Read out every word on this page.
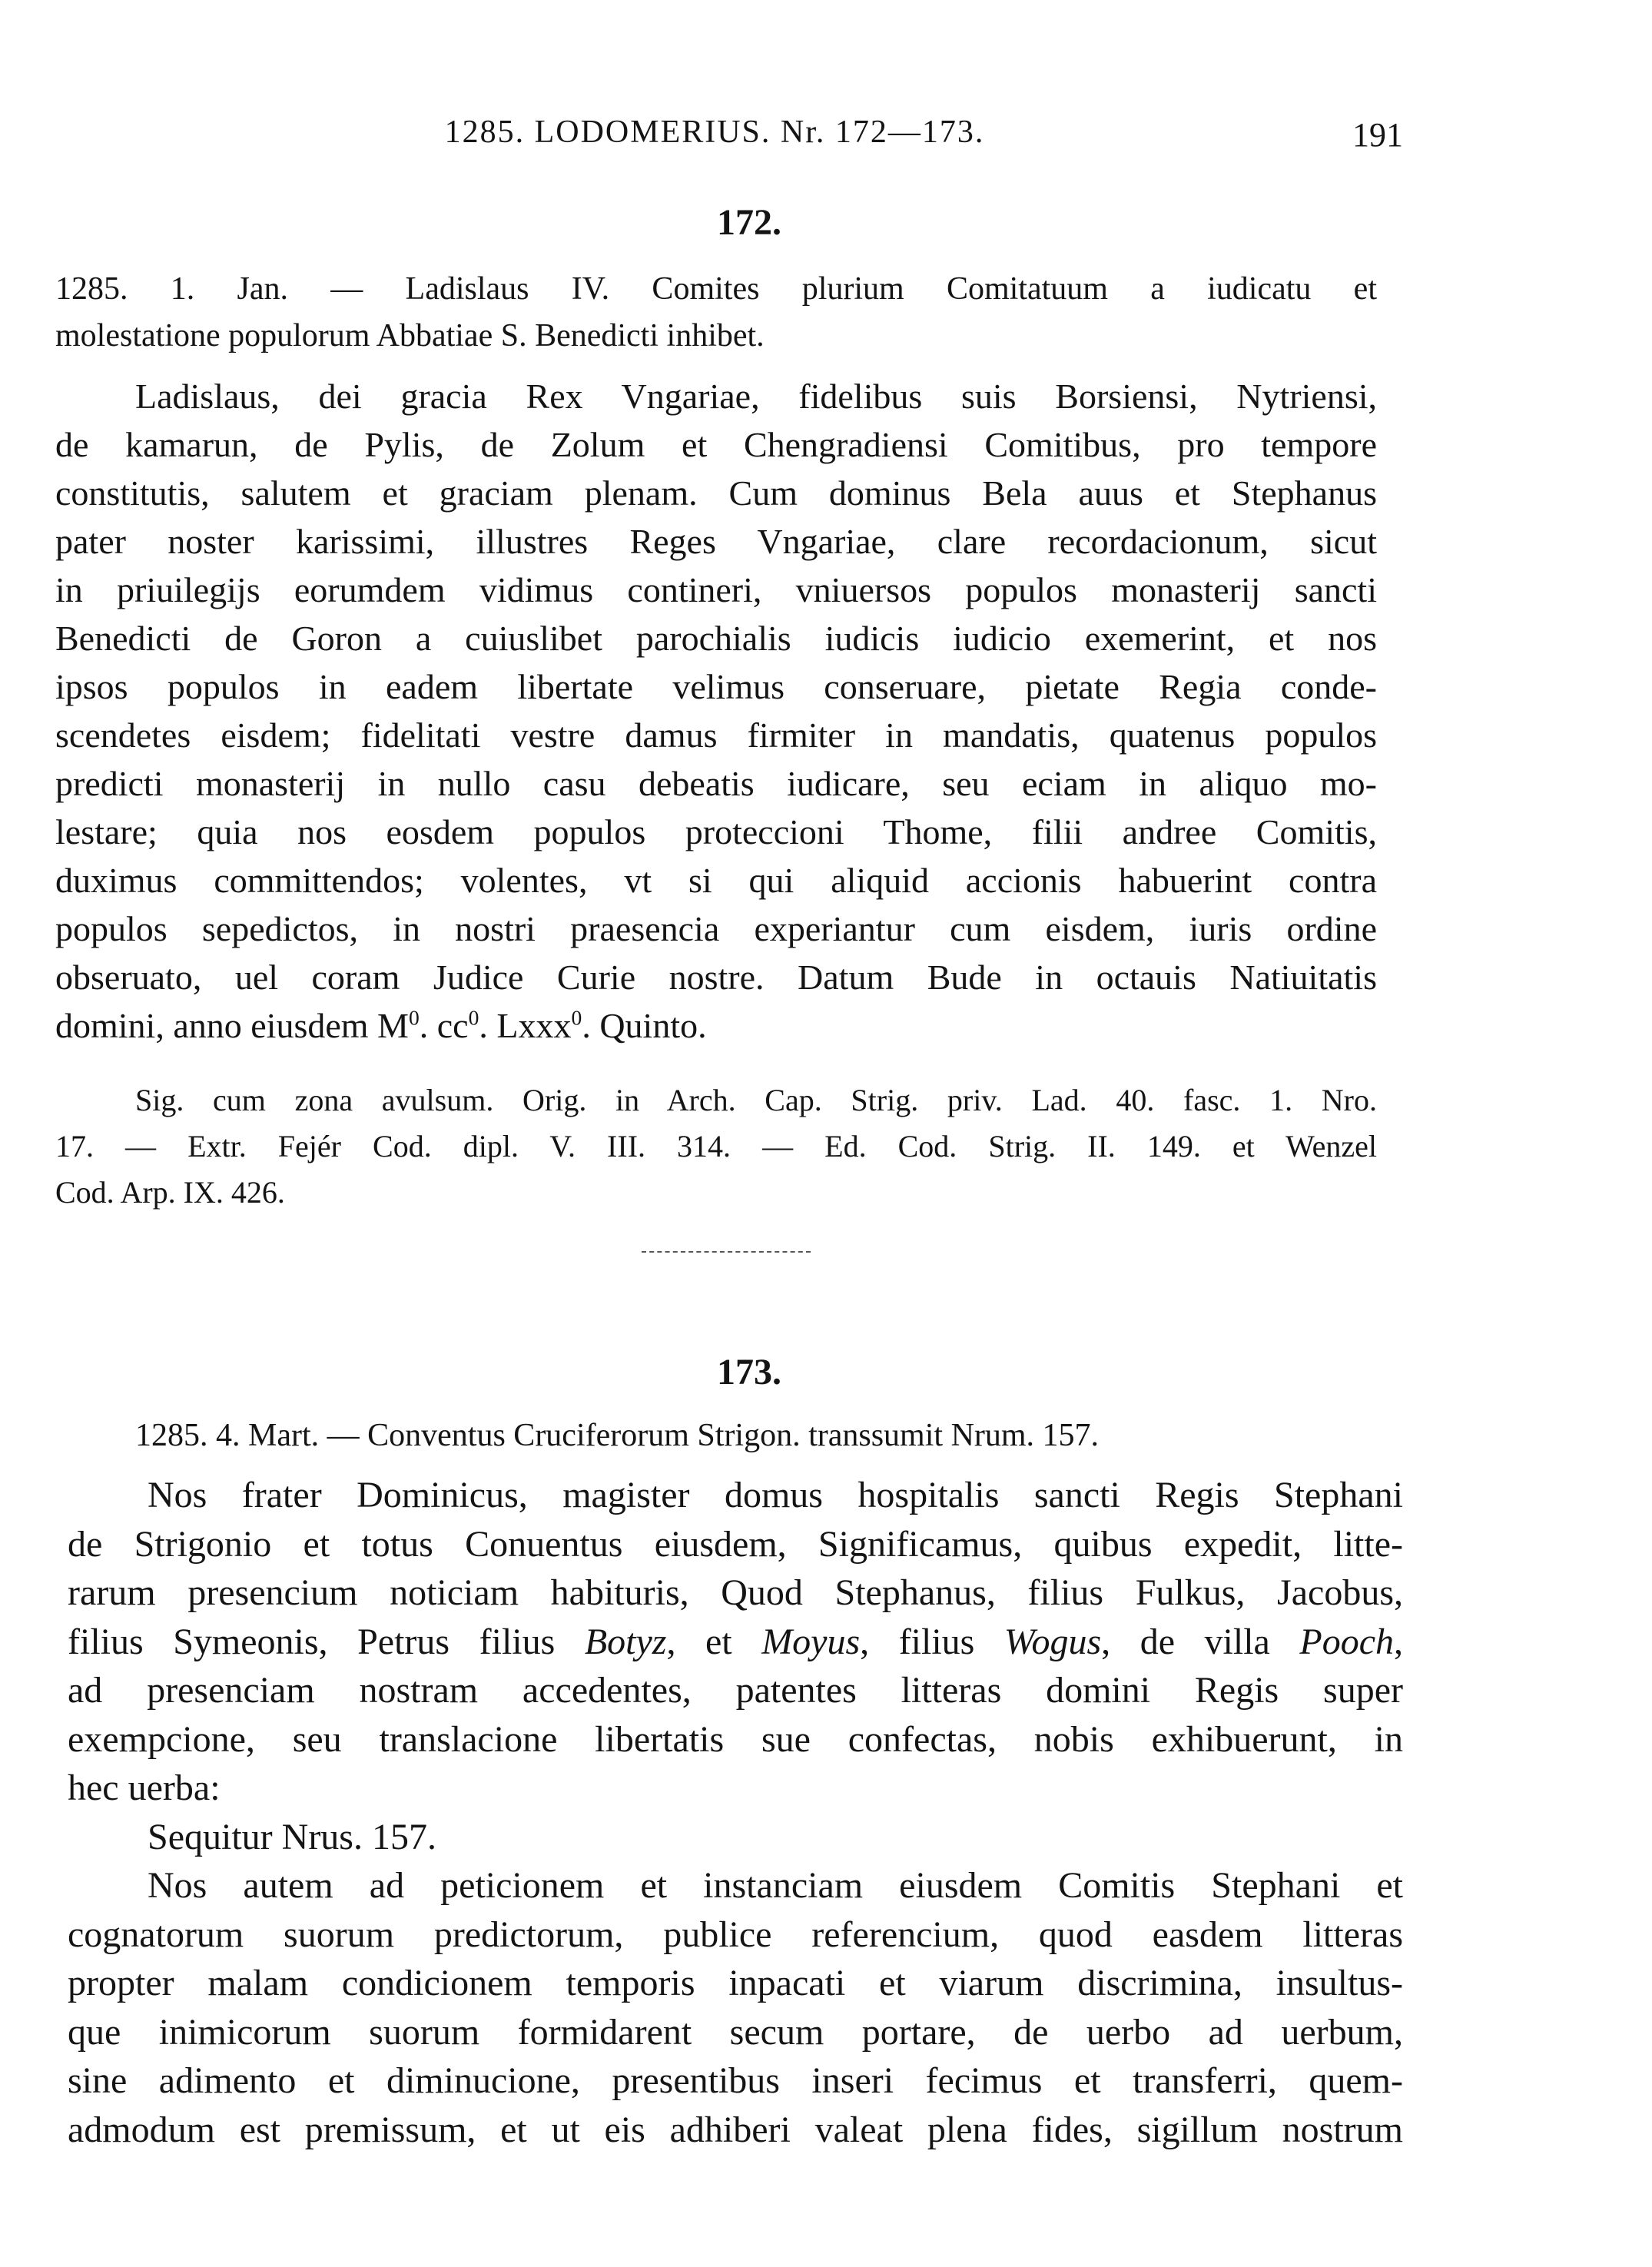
1285. LODOMERIUS. Nr. 172—173.	191
172.
1285. 1. Jan. — Ladislaus IV. Comites plurium Comitatuum a iudicatu et
molestatione populorum Abbatiae S. Benedicti inhibet.
Ladislaus, dei gracia Rex Vngariae, fidelibus suis Borsiensi, Nytriensi,
de kamarun, de Pylis, de Zolum et Chengradiensi Comitibus, pro tempore
constitutis, salutem et graciam plenam. Cum dominus Bela auus et Stephanus
pater noster karissimi, illustres Reges Vngariae, clare recordacionum, sicut
in priuilegijs eorumdem vidimus contineri, vniuersos populos monasterij sancti
Benedicti de Goron a cuiuslibet parochialis iudicis iudicio exemerint, et nos
ipsos populos in eadem libertate velimus conseruare, pietate Regia conde-
scendetes eisdem; fidelitati vestre damus firmiter in mandatis, quatenus populos
predicti monasterij in nullo casu debeatis iudicare, seu eciam in aliquo mo-
lestare; quia nos eosdem populos proteccioni Thome, filii andree Comitis,
duximus committendos; volentes, vt si qui aliquid accionis habuerint contra
populos sepedictos, in nostri praesencia experiantur cum eisdem, iuris ordine
obseruato, uel coram Judice Curie nostre. Datum Bude in octauis Natiuitatis
domini, anno eiusdem $M^0$. $cc^0$. Lxxx$^0$. Quinto.
Sig. cum zona avulsum. Orig. in Arch. Cap. Strig. priv. Lad. 40. fasc. 1. Nro.
17. — Extr. Fejér Cod. dipl. V. III. 314. — Ed. Cod. Strig. II. 149. et Wenzel
Cod. Arp. IX. 426.
173.
1285. 4. Mart. — Conventus Cruciferorum Strigon. transsumit Nrum. 157.
Nos frater Dominicus, magister domus hospitalis sancti Regis Stephani
de Strigonio et totus Conuentus eiusdem, Significamus, quibus expedit, litte-
rarum presencium noticiam habituris, Quod Stephanus, filius Fulkus, Jacobus,
filius Symeonis, Petrus filius Botyz, et Moyus, filius Wogus, de villa Pooch,
ad presenciam nostram accedentes, patentes litteras domini Regis super
exempcione, seu translacione libertatis sue confectas, nobis exhibuerunt, in
hec uerba:
Sequitur Nrus. 157.
Nos autem ad peticionem et instanciam eiusdem Comitis Stephani et
cognatorum suorum predictorum, publice referencium, quod easdem litteras
propter malam condicionem temporis inpacati et viarum discrimina, insultus-
que inimicorum suorum formidarent secum portare, de uerbo ad uerbum,
sine adimento et diminucione, presentibus inseri fecimus et transferri, quem-
admodum est premissum, et ut eis adhiberi valeat plena fides, sigillum nostrum
